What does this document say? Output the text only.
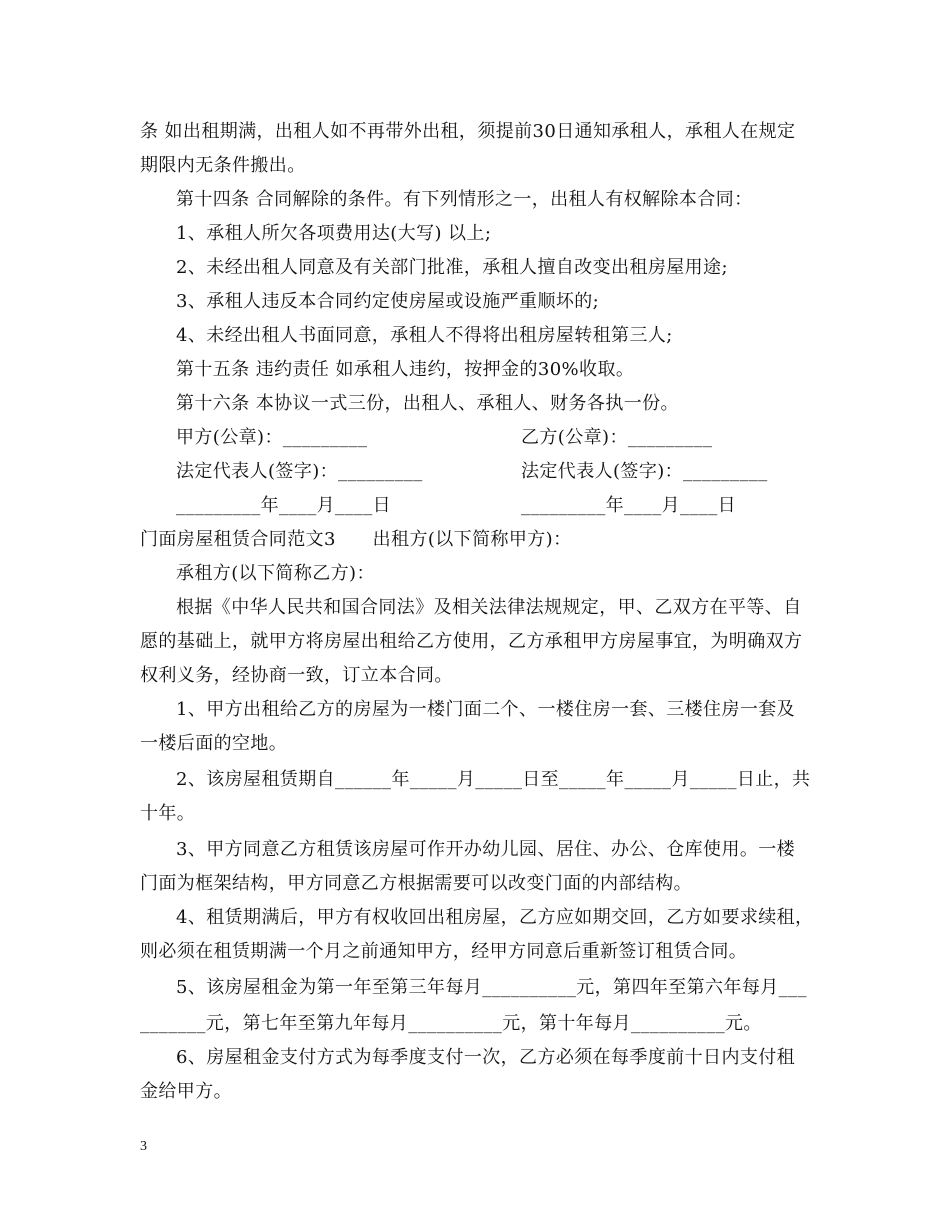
条 如出租期满，出租人如不再带外出租，须提前30日通知承租人，承租人在规定
期限内无条件搬出。
第十四条 合同解除的条件。有下列情形之一，出租人有权解除本合同：
1、承租人所欠各项费用达(大写) 以上;
2、未经出租人同意及有关部门批准，承租人擅自改变出租房屋用途;
3、承租人违反本合同约定使房屋或设施严重顺坏的;
4、未经出租人书面同意，承租人不得将出租房屋转租第三人;
第十五条 违约责任 如承租人违约，按押金的30%收取。
第十六条 本协议一式三份，出租人、承租人、财务各执一份。
甲方(公章)：_________	乙方(公章)：_________
法定代表人(签字)：_________	法定代表人(签字)：_________
_________年____月____日	_________年____月____日
门面房屋租赁合同范文3　　出租方(以下简称甲方)：
承租方(以下简称乙方)：
根据《中华人民共和国合同法》及相关法律法规规定，甲、乙双方在平等、自
愿的基础上，就甲方将房屋出租给乙方使用，乙方承租甲方房屋事宜，为明确双方
权利义务，经协商一致，订立本合同。
1、甲方出租给乙方的房屋为一楼门面二个、一楼住房一套、三楼住房一套及
一楼后面的空地。
2、该房屋租赁期自______年_____月_____日至_____年_____月_____日止，共
十年。
3、甲方同意乙方租赁该房屋可作开办幼儿园、居住、办公、仓库使用。一楼
门面为框架结构，甲方同意乙方根据需要可以改变门面的内部结构。
4、租赁期满后，甲方有权收回出租房屋，乙方应如期交回，乙方如要求续租，
则必须在租赁期满一个月之前通知甲方，经甲方同意后重新签订租赁合同。
5、该房屋租金为第一年至第三年每月__________元，第四年至第六年每月___
_______元，第七年至第九年每月__________元，第十年每月__________元。
6、房屋租金支付方式为每季度支付一次，乙方必须在每季度前十日内支付租
金给甲方。
3
